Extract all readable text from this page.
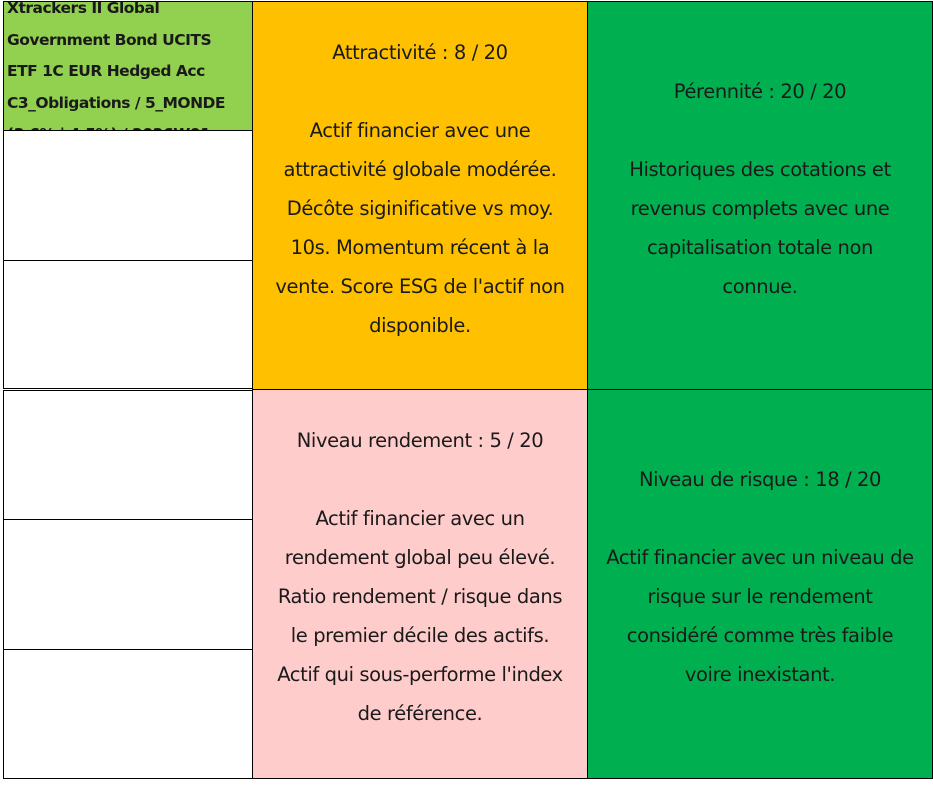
Xtrackers II Global
Government Bond UCITS
ETF 1C EUR Hedged Acc
C3_Obligations / 5_MONDE
Attractivité : 8 / 20
Actif financier avec une
attractivité globale modérée.
Décôte siginificative vs moy.
10s. Momentum récent à la
vente. Score ESG de l'actif non
disponible.
Pérennité : 20 / 20
Historiques des cotations et
revenus complets avec une
capitalisation totale non
connue.
Niveau rendement : 5 / 20
Actif financier avec un
rendement global peu élevé.
Ratio rendement / risque dans
le premier décile des actifs.
Actif qui sous-performe l'index
de référence.
Niveau de risque : 18 / 20
Actif financier avec un niveau de
risque sur le rendement
considéré comme très faible
voire inexistant.
